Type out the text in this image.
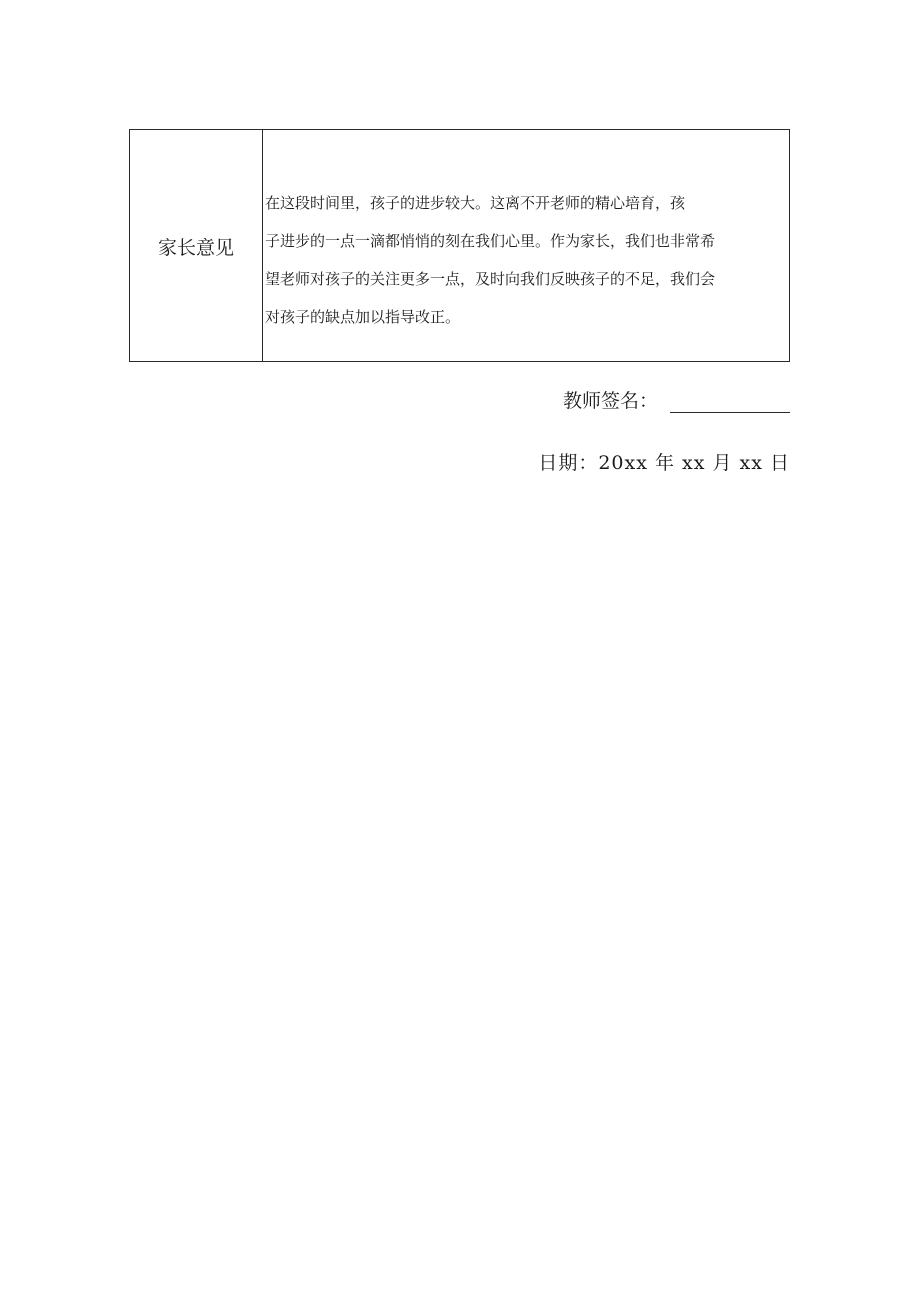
家长意见
在这段时间里，孩子的进步较大。这离不开老师的精心培育，孩
子进步的一点一滴都悄悄的刻在我们心里。作为家长，我们也非常希
望老师对孩子的关注更多一点，及时向我们反映孩子的不足，我们会
对孩子的缺点加以指导改正。
教师签名：
日期：20xx 年 xx 月 xx 日
